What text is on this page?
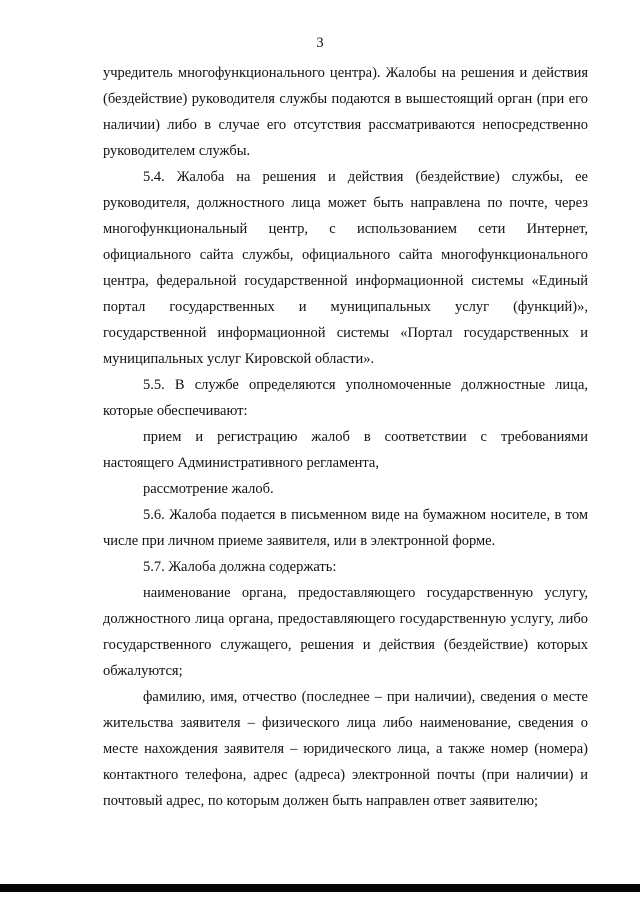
3
учредитель многофункционального центра). Жалобы на решения и действия
(бездействие) руководителя службы подаются в вышестоящий орган (при его
наличии) либо в случае его отсутствия рассматриваются непосредственно
руководителем службы.
5.4. Жалоба на решения и действия (бездействие) службы, ее
руководителя, должностного лица может быть направлена по почте, через
многофункциональный центр, с использованием сети Интернет,
официального сайта службы, официального сайта многофункционального
центра, федеральной государственной информационной системы «Единый
портал государственных и муниципальных услуг (функций)»,
государственной информационной системы «Портал государственных и
муниципальных услуг Кировской области».
5.5. В службе определяются уполномоченные должностные лица,
которые обеспечивают:
прием и регистрацию жалоб в соответствии с требованиями
настоящего Административного регламента,
рассмотрение жалоб.
5.6. Жалоба подается в письменном виде на бумажном носителе, в том
числе при личном приеме заявителя, или в электронной форме.
5.7. Жалоба должна содержать:
наименование органа, предоставляющего государственную услугу,
должностного лица органа, предоставляющего государственную услугу, либо
государственного служащего, решения и действия (бездействие) которых
обжалуются;
фамилию, имя, отчество (последнее – при наличии), сведения о месте
жительства заявителя – физического лица либо наименование, сведения о
месте нахождения заявителя – юридического лица, а также номер (номера)
контактного телефона, адрес (адреса) электронной почты (при наличии) и
почтовый адрес, по которым должен быть направлен ответ заявителю;
